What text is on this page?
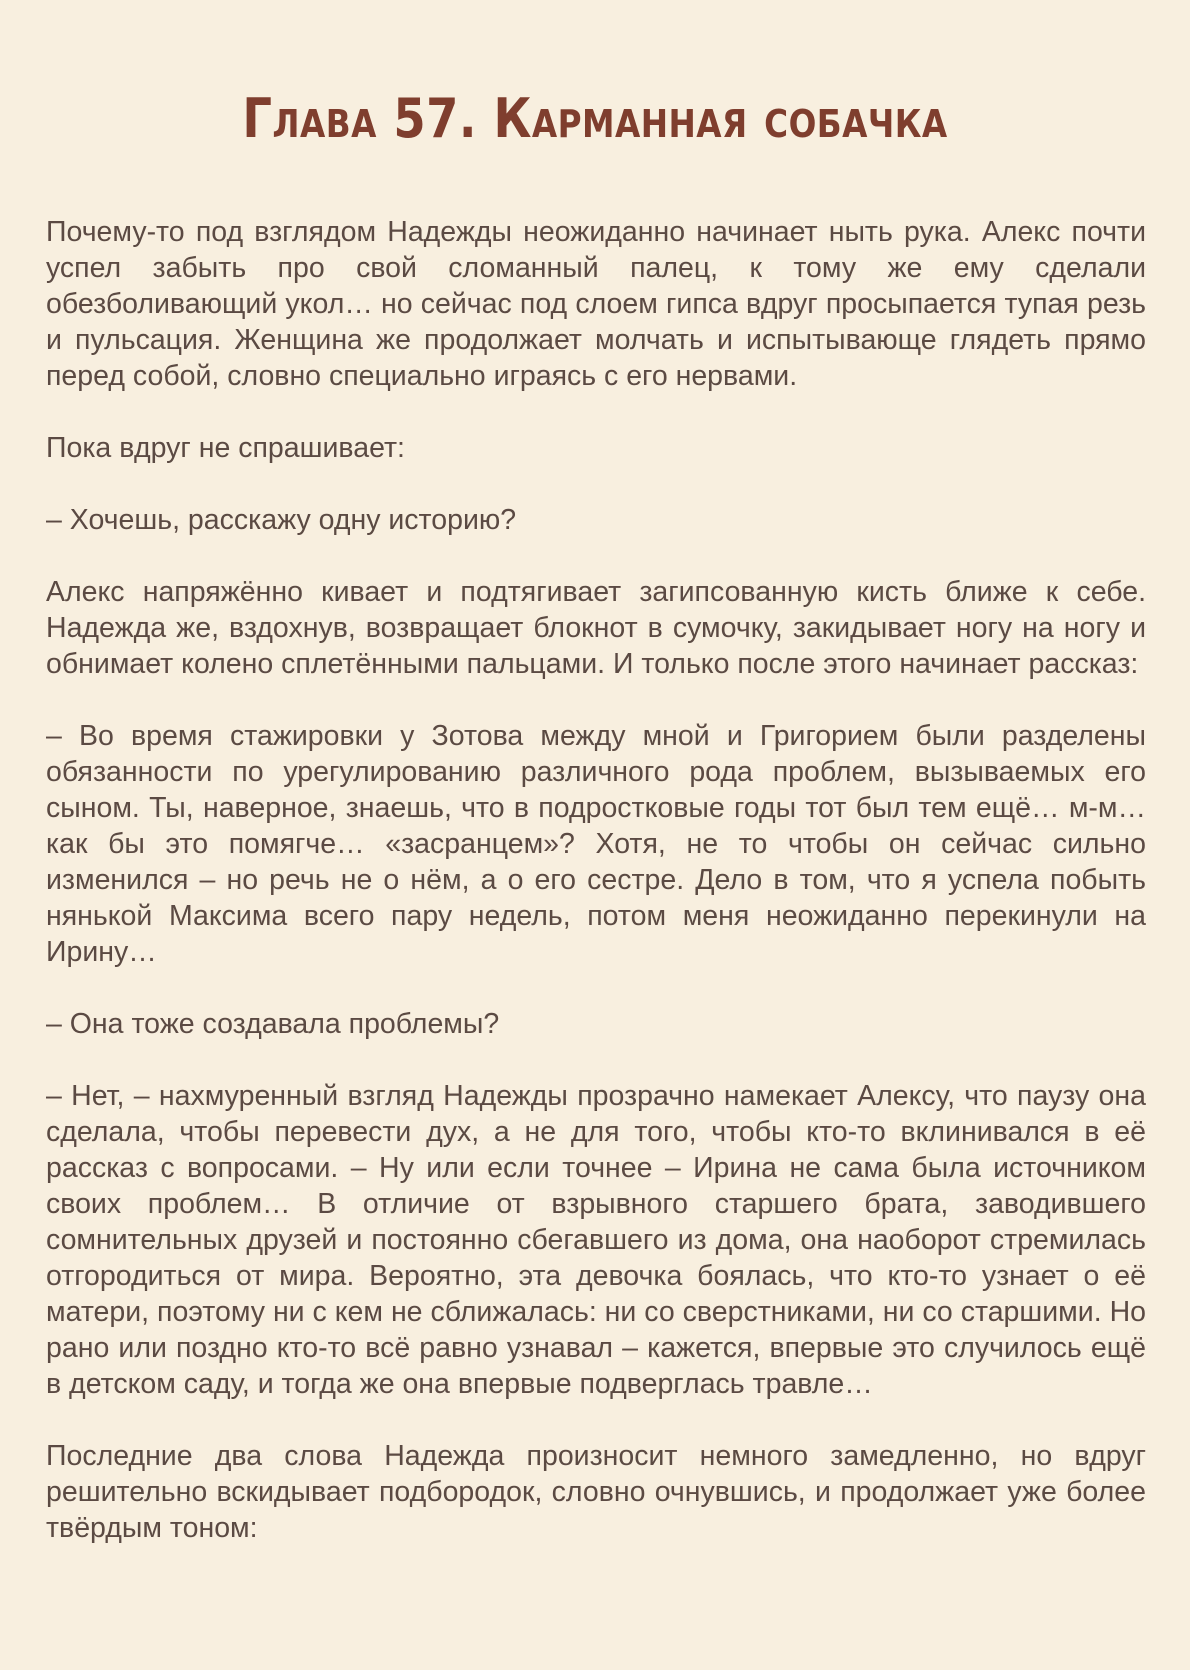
Глава 57. Карманная собачка

Почему-то под взглядом Надежды неожиданно начинает ныть рука. Алекс почти успел забыть про свой сломанный палец, к тому же ему сделали обезболивающий укол… но сейчас под слоем гипса вдруг просыпается тупая резь и пульсация. Женщина же продолжает молчать и испытывающе глядеть прямо перед собой, словно специально играясь с его нервами.

Пока вдруг не спрашивает:

– Хочешь, расскажу одну историю?

Алекс напряжённо кивает и подтягивает загипсованную кисть ближе к себе. Надежда же, вздохнув, возвращает блокнот в сумочку, закидывает ногу на ногу и обнимает колено сплетёнными пальцами. И только после этого начинает рассказ:

– Во время стажировки у Зотова между мной и Григорием были разделены обязанности по урегулированию различного рода проблем, вызываемых его сыном. Ты, наверное, знаешь, что в подростковые годы тот был тем ещё… м-м… как бы это помягче… «засранцем»? Хотя, не то чтобы он сейчас сильно изменился – но речь не о нём, а о его сестре. Дело в том, что я успела побыть нянькой Максима всего пару недель, потом меня неожиданно перекинули на Ирину…

– Она тоже создавала проблемы?

– Нет, – нахмуренный взгляд Надежды прозрачно намекает Алексу, что паузу она сделала, чтобы перевести дух, а не для того, чтобы кто-то вклинивался в её рассказ с вопросами. – Ну или если точнее – Ирина не сама была источником своих проблем… В отличие от взрывного старшего брата, заводившего сомнительных друзей и постоянно сбегавшего из дома, она наоборот стремилась отгородиться от мира. Вероятно, эта девочка боялась, что кто-то узнает о её матери, поэтому ни с кем не сближалась: ни со сверстниками, ни со старшими. Но рано или поздно кто-то всё равно узнавал – кажется, впервые это случилось ещё в детском саду, и тогда же она впервые подверглась травле…

Последние два слова Надежда произносит немного замедленно, но вдруг решительно вскидывает подбородок, словно очнувшись, и продолжает уже более твёрдым тоном:
